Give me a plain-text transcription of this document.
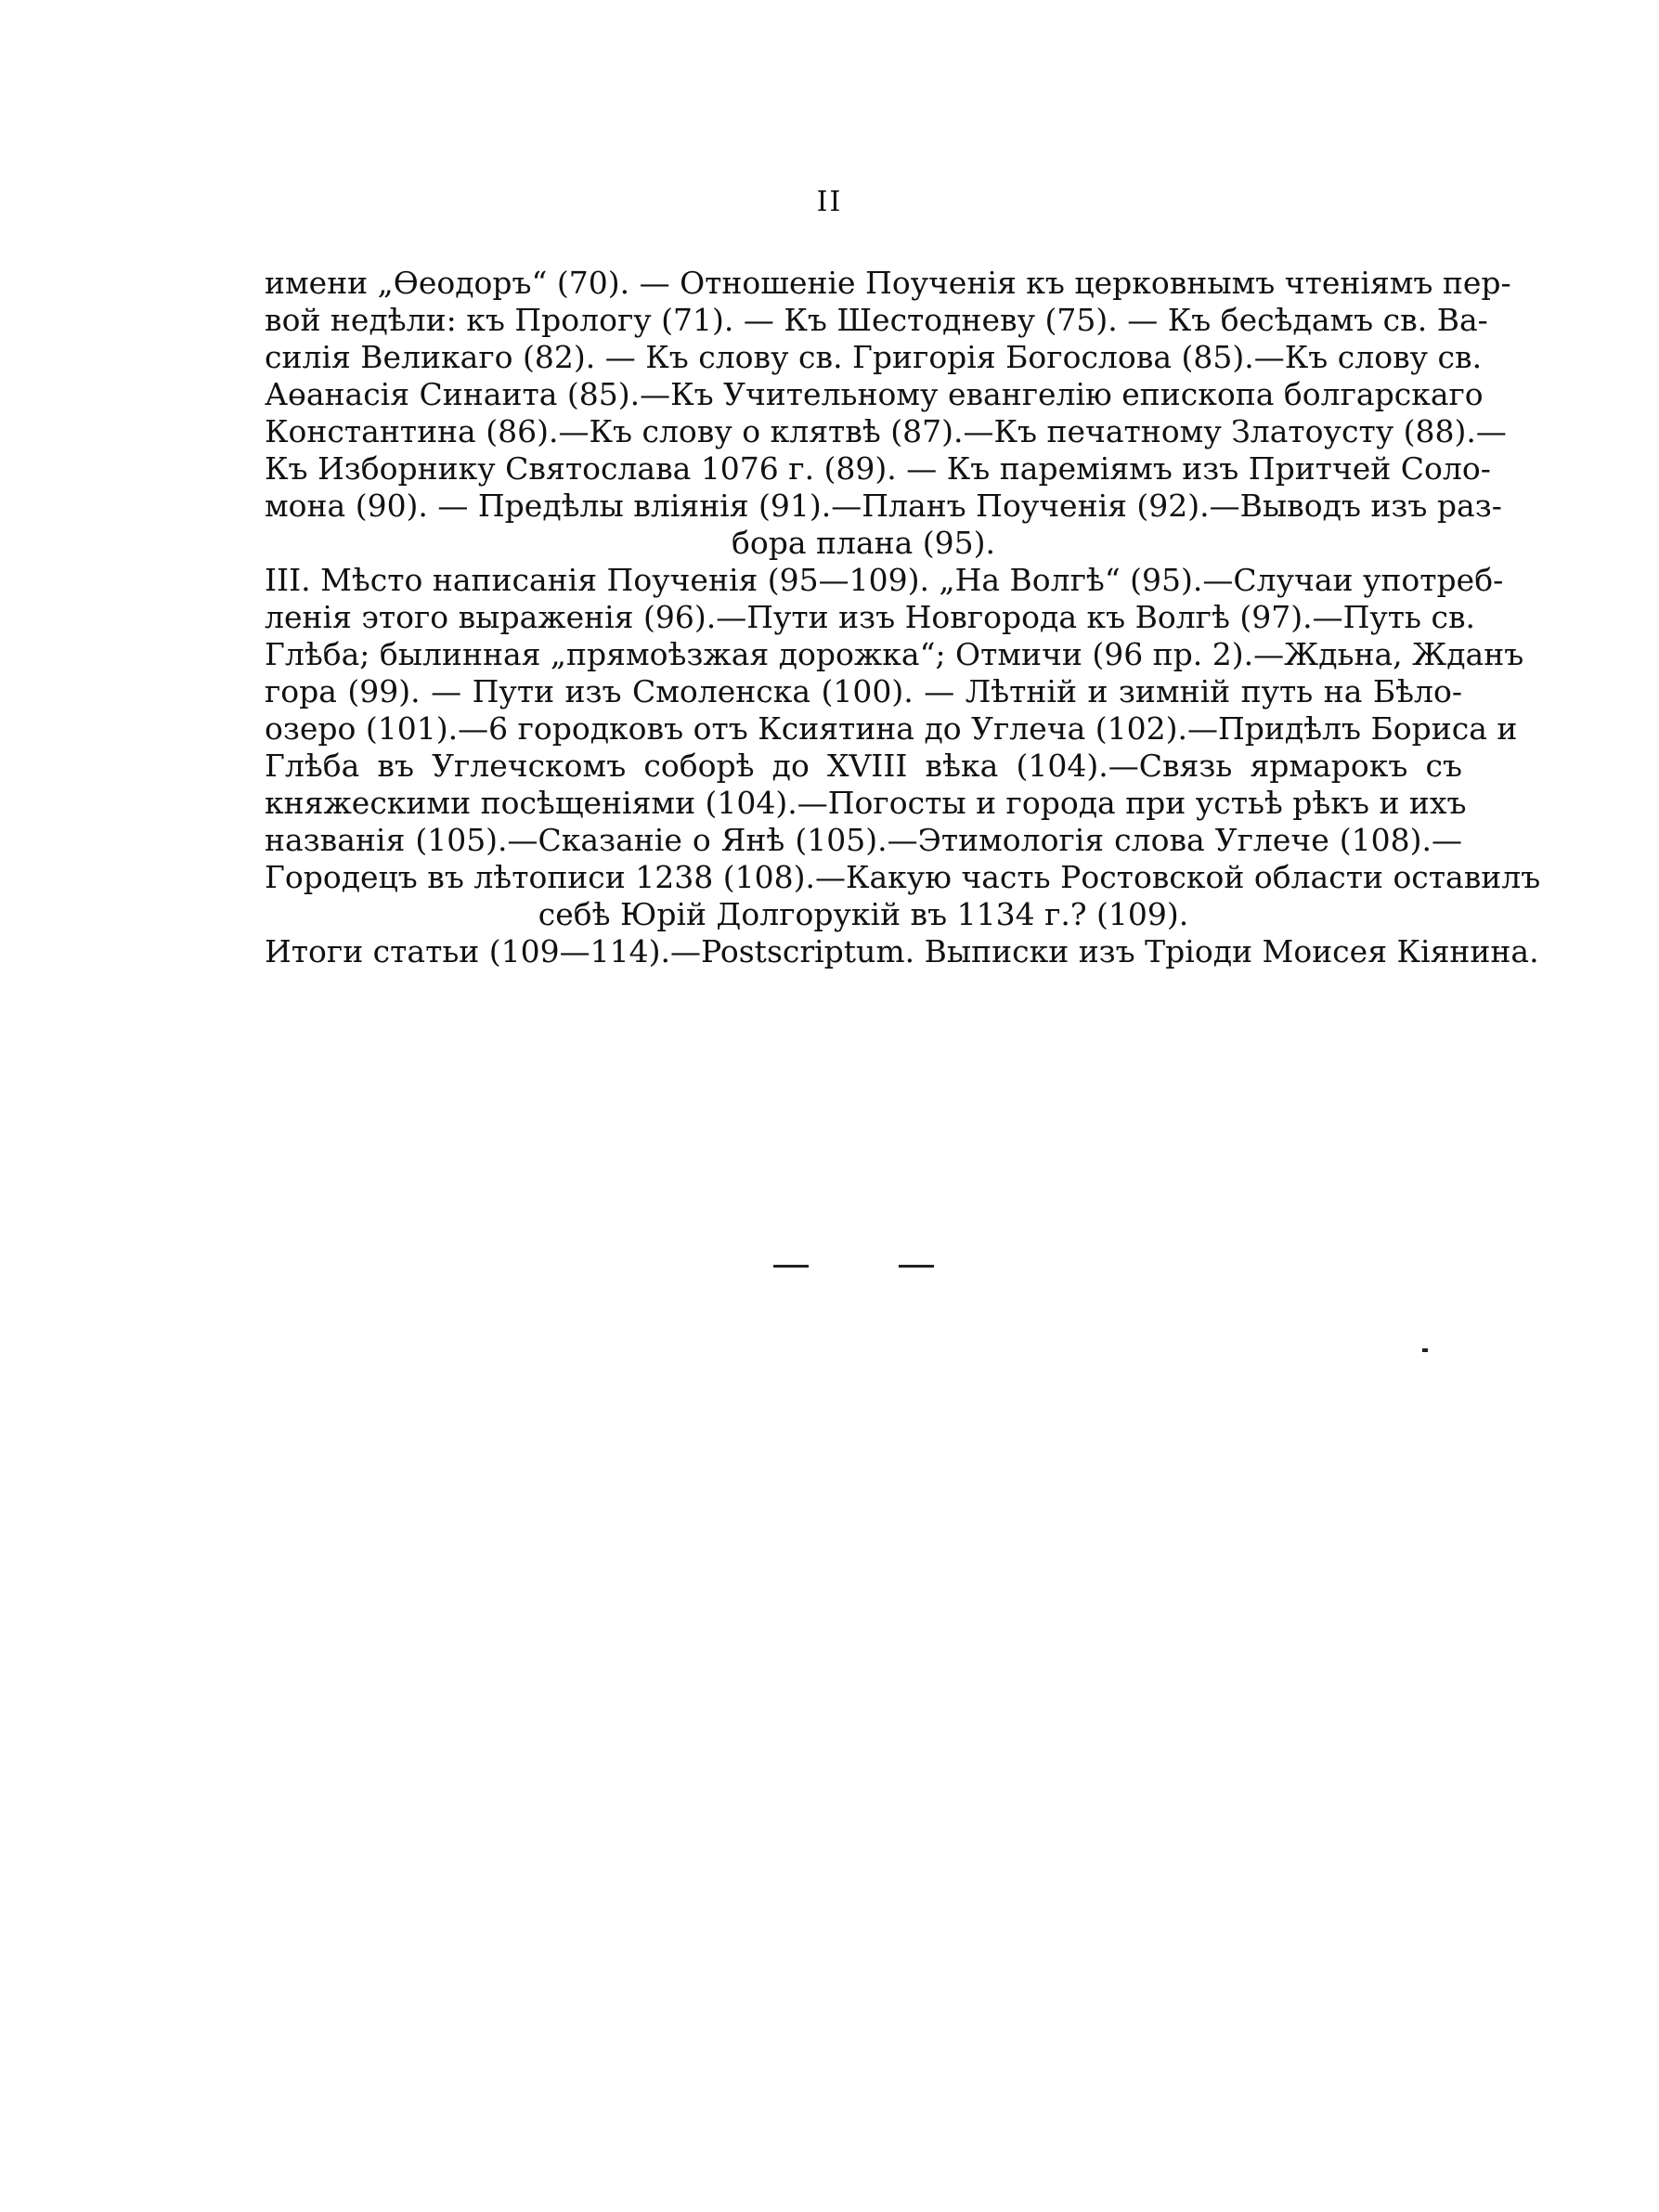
II
имени „Өеодоръ“ (70). — Отношеніе Поученія къ церковнымъ чтеніямъ пер-
вой недѣли: къ Прологу (71). — Къ Шестодневу (75). — Къ бесѣдамъ св. Ва-
силія Великаго (82). — Къ слову св. Григорія Богослова (85).—Къ слову св.
Аөанасія Синаита (85).—Къ Учительному евангелію епископа болгарскаго
Константина (86).—Къ слову о клятвѣ (87).—Къ печатному Златоусту (88).—
Къ Изборнику Святослава 1076 г. (89). — Къ пареміямъ изъ Притчей Соло-
мона (90). — Предѣлы вліянія (91).—Планъ Поученія (92).—Выводъ изъ раз-
бора плана (95).
III. Мѣсто написанія Поученія (95—109). „На Волгѣ“ (95).—Случаи употреб-
ленія этого выраженія (96).—Пути изъ Новгорода къ Волгѣ (97).—Путь св.
Глѣба; былинная „прямоѣзжая дорожка“; Отмичи (96 пр. 2).—Ждьна, Жданъ
гора (99). — Пути изъ Смоленска (100). — Лѣтній и зимній путь на Бѣло-
озеро (101).—6 городковъ отъ Ксиятина до Углеча (102).—Придѣлъ Бориса и
Глѣба въ Углечскомъ соборѣ до XVIII вѣка (104).—Связь ярмарокъ съ
княжескими посѣщеніями (104).—Погосты и города при устьѣ рѣкъ и ихъ
названія (105).—Сказаніе о Янѣ (105).—Этимологія слова Углече (108).—
Городецъ въ лѣтописи 1238 (108).—Какую часть Ростовской области оставилъ
себѣ Юрій Долгорукій въ 1134 г.? (109).
Итоги статьи (109—114).—Postscriptum. Выписки изъ Тріоди Моисея Кіянина.
